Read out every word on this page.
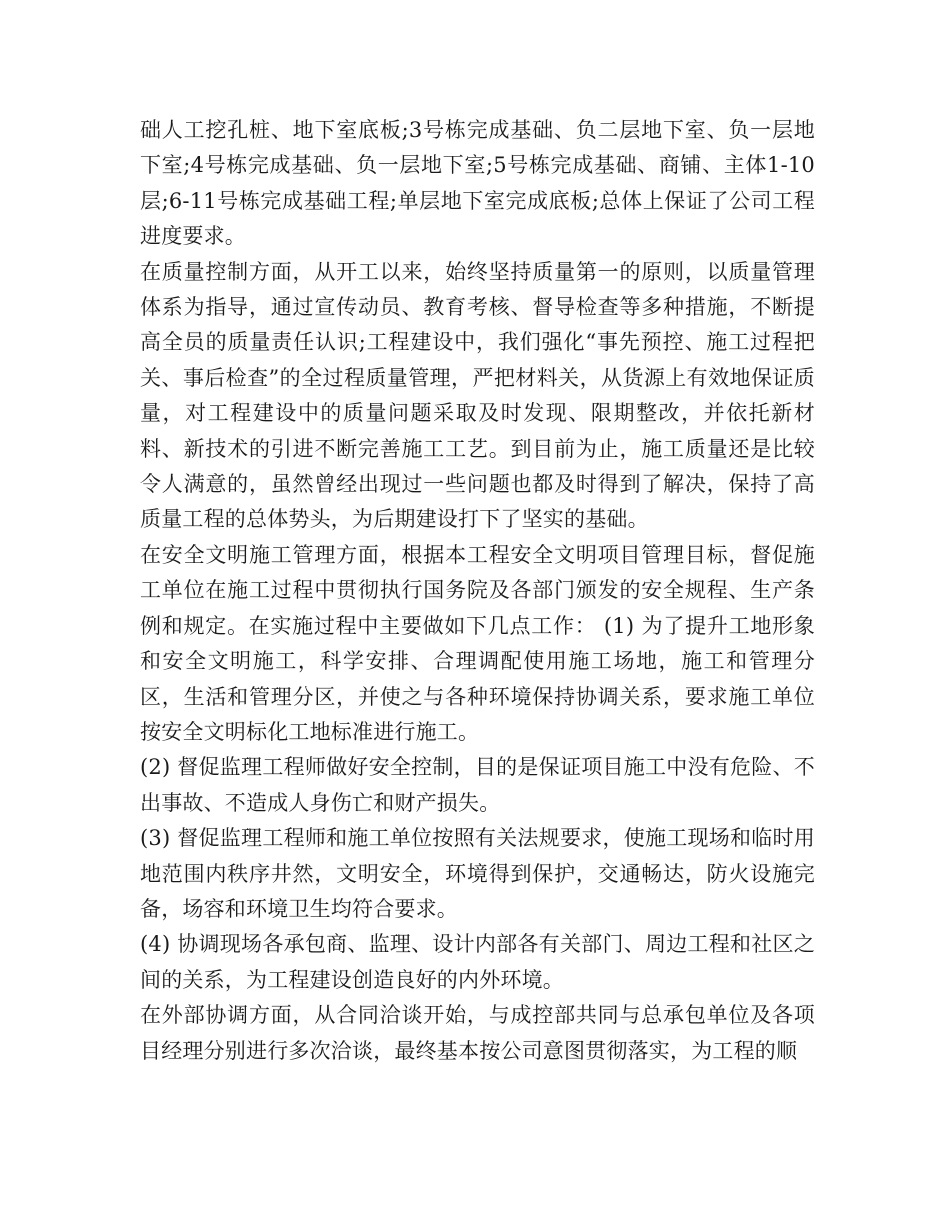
础人工挖孔桩、地下室底板;3号栋完成基础、负二层地下室、负一层地下室;4号栋完成基础、负一层地下室;5号栋完成基础、商铺、主体1-10层;6-11号栋完成基础工程;单层地下室完成底板;总体上保证了公司工程进度要求。

在质量控制方面，从开工以来，始终坚持质量第一的原则，以质量管理体系为指导，通过宣传动员、教育考核、督导检查等多种措施，不断提高全员的质量责任认识;工程建设中，我们强化“事先预控、施工过程把关、事后检查”的全过程质量管理，严把材料关，从货源上有效地保证质量，对工程建设中的质量问题采取及时发现、限期整改，并依托新材料、新技术的引进不断完善施工工艺。到目前为止，施工质量还是比较令人满意的，虽然曾经出现过一些问题也都及时得到了解决，保持了高质量工程的总体势头，为后期建设打下了坚实的基础。

在安全文明施工管理方面，根据本工程安全文明项目管理目标，督促施工单位在施工过程中贯彻执行国务院及各部门颁发的安全规程、生产条例和规定。在实施过程中主要做如下几点工作： (1) 为了提升工地形象和安全文明施工，科学安排、合理调配使用施工场地，施工和管理分区，生活和管理分区，并使之与各种环境保持协调关系，要求施工单位按安全文明标化工地标准进行施工。

(2) 督促监理工程师做好安全控制，目的是保证项目施工中没有危险、不出事故、不造成人身伤亡和财产损失。

(3) 督促监理工程师和施工单位按照有关法规要求，使施工现场和临时用地范围内秩序井然，文明安全，环境得到保护，交通畅达，防火设施完备，场容和环境卫生均符合要求。

(4) 协调现场各承包商、监理、设计内部各有关部门、周边工程和社区之间的关系，为工程建设创造良好的内外环境。

在外部协调方面，从合同洽谈开始，与成控部共同与总承包单位及各项目经理分别进行多次洽谈，最终基本按公司意图贯彻落实，为工程的顺
